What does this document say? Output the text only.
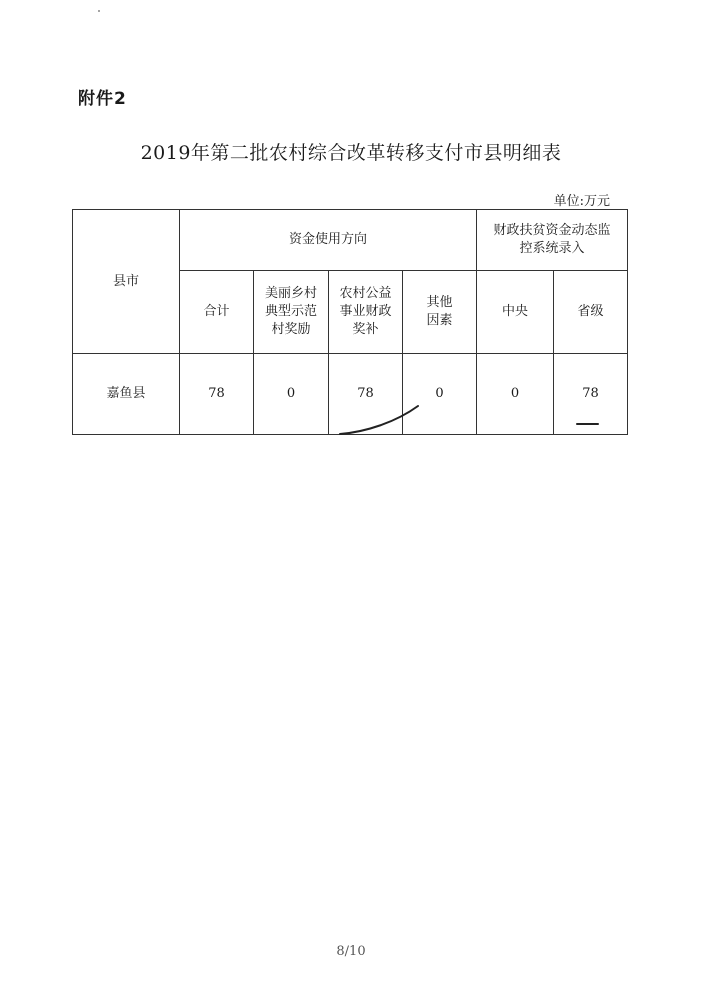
附件2
2019年第二批农村综合改革转移支付市县明细表
单位:万元
县市	资金使用方向				财政扶贫资金动态监控系统录入	
	合计	美丽乡村典型示范村奖励	农村公益事业财政奖补	其他因素	中央	省级
嘉鱼县	78	0	78	0	0	78
8/10
